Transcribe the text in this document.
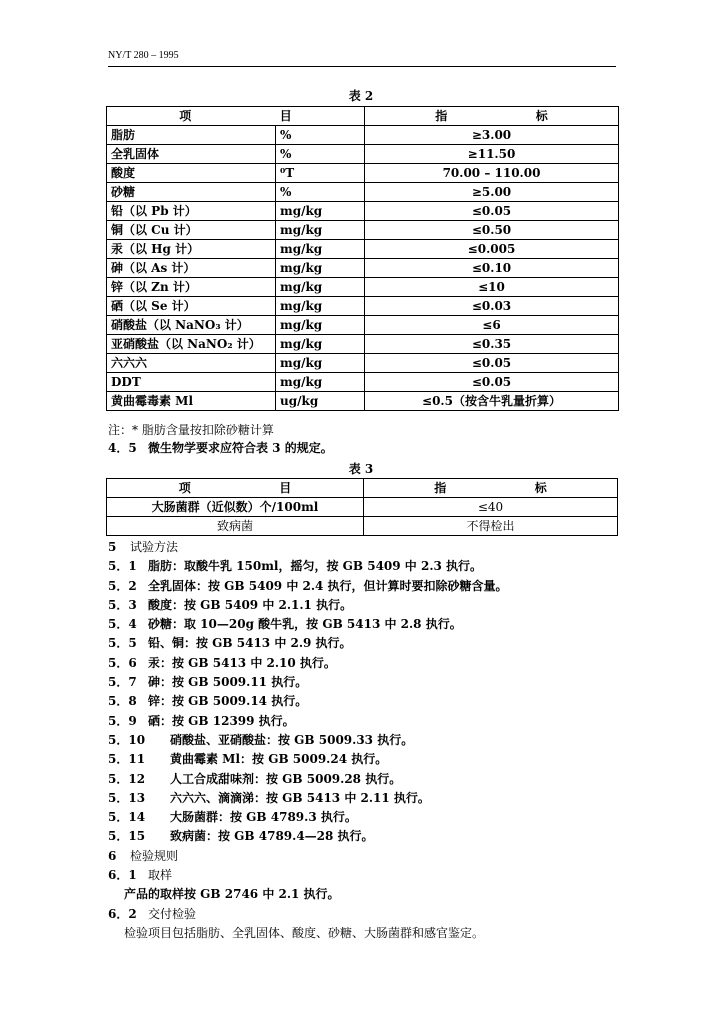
NY/T 280 – 1995
表 2
项 目		指 标
脂肪	%	≥3.00
全乳固体	%	≥11.50
酸度	⁰T	70.00 – 110.00
砂糖	%	≥5.00
铅（以 Pb 计）	mg/kg	≤0.05
铜（以 Cu 计）	mg/kg	≤0.50
汞（以 Hg 计）	mg/kg	≤0.005
砷（以 As 计）	mg/kg	≤0.10
锌（以 Zn 计）	mg/kg	≤10
硒（以 Se 计）	mg/kg	≤0.03
硝酸盐（以 NaNO₃ 计）	mg/kg	≤6
亚硝酸盐（以 NaNO₂ 计）	mg/kg	≤0.35
六六六	mg/kg	≤0.05
DDT	mg/kg	≤0.05
黄曲霉毒素 Ml	ug/kg	≤0.5（按含牛乳量折算）
注：* 脂肪含量按扣除砂糖计算
4．5 微生物学要求应符合表 3 的规定。
表 3
项 目	指 标
大肠菌群（近似数）个/100ml	≤40
致病菌	不得检出
5 试验方法
5．1 脂肪：取酸牛乳 150ml，摇匀，按 GB 5409 中 2.3 执行。
5．2 全乳固体：按 GB 5409 中 2.4 执行，但计算时要扣除砂糖含量。
5．3 酸度：按 GB 5409 中 2.1.1 执行。
5．4 砂糖：取 10—20g 酸牛乳，按 GB 5413 中 2.8 执行。
5．5 铅、铜：按 GB 5413 中 2.9 执行。
5．6 汞：按 GB 5413 中 2.10 执行。
5．7 砷：按 GB 5009.11 执行。
5．8 锌：按 GB 5009.14 执行。
5．9 硒：按 GB 12399 执行。
5．10 硝酸盐、亚硝酸盐：按 GB 5009.33 执行。
5．11 黄曲霉素 Ml：按 GB 5009.24 执行。
5．12 人工合成甜味剂：按 GB 5009.28 执行。
5．13 六六六、滴滴涕：按 GB 5413 中 2.11 执行。
5．14 大肠菌群：按 GB 4789.3 执行。
5．15 致病菌：按 GB 4789.4—28 执行。
6 检验规则
6．1 取样
产品的取样按 GB 2746 中 2.1 执行。
6．2 交付检验
检验项目包括脂肪、全乳固体、酸度、砂糖、大肠菌群和感官鉴定。
